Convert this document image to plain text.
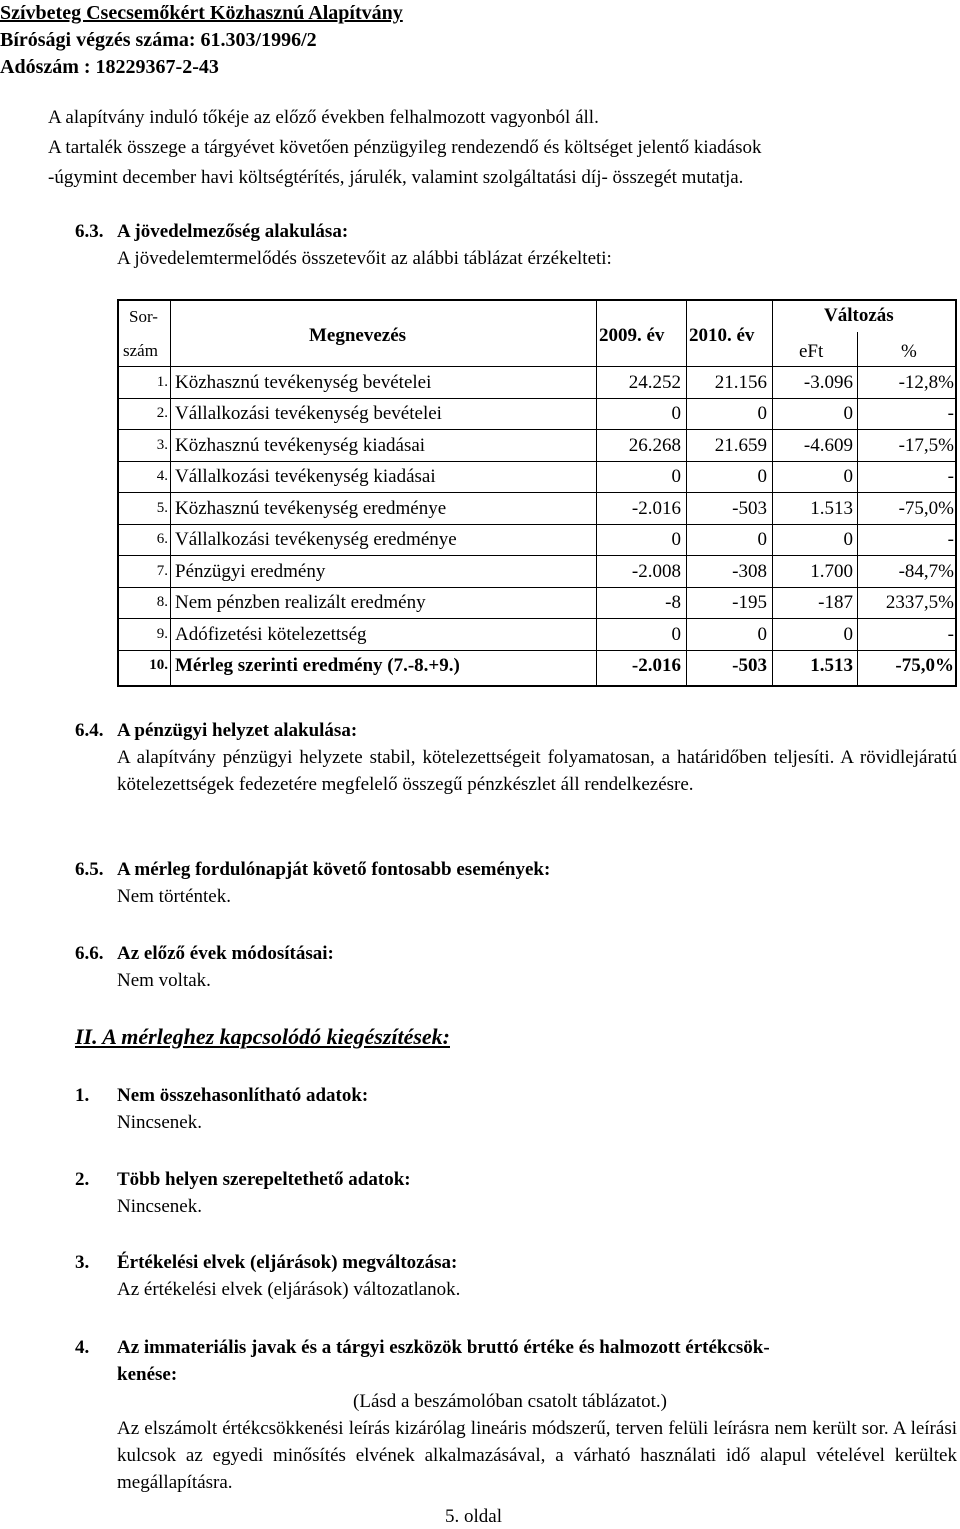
Szívbeteg Csecsemőkért Közhasznú Alapítvány
Bírósági végzés száma: 61.303/1996/2
Adószám : 18229367-2-43
A alapítvány induló tőkéje az előző években felhalmozott vagyonból áll.
A tartalék összege a tárgyévet követően pénzügyileg rendezendő és költséget jelentő kiadások
-úgymint december havi költségtérítés, járulék, valamint szolgáltatási díj- összegét mutatja.
6.3. A jövedelmezőség alakulása:
A jövedelemtermelődés összetevőit az alábbi táblázat érzékelteti:
Sor-
szám
Megnevezés	2009. év 2010. év
Változás
eFt	%
1. Közhasznú tevékenység bevételei	24.252	21.156	-3.096	-12,8%
2. Vállalkozási tevékenység bevételei	0	0	0	-
3. Közhasznú tevékenység kiadásai	26.268	21.659	-4.609	-17,5%
4. Vállalkozási tevékenység kiadásai	0	0	0	-
5. Közhasznú tevékenység eredménye	-2.016	-503	1.513	-75,0%
6. Vállalkozási tevékenység eredménye	0	0	0	-
7. Pénzügyi eredmény	-2.008	-308	1.700	-84,7%
8. Nem pénzben realizált eredmény	-8	-195	-187	2337,5%
9. Adófizetési kötelezettség	0	0	0	-
10. Mérleg szerinti eredmény (7.-8.+9.)	-2.016	-503	1.513	-75,0%
6.4. A pénzügyi helyzet alakulása:
A alapítvány pénzügyi helyzete stabil, kötelezettségeit folyamatosan, a határidőben teljesíti. A rövidlejáratú kötelezettségek fedezetére megfelelő összegű pénzkészlet áll rendelkezésre.
6.5. A mérleg fordulónapját követő fontosabb események:
Nem történtek.
6.6. Az előző évek módosításai:
Nem voltak.
II. A mérleghez kapcsolódó kiegészítések:
1. Nem összehasonlítható adatok:
Nincsenek.
2. Több helyen szerepeltethető adatok:
Nincsenek.
3. Értékelési elvek (eljárások) megváltozása:
Az értékelési elvek (eljárások) változatlanok.
4. Az immateriális javak és a tárgyi eszközök bruttó értéke és halmozott értékcsök-
kenése:
(Lásd a beszámolóban csatolt táblázatot.)
Az elszámolt értékcsökkenési leírás kizárólag lineáris módszerű, terven felüli leírásra nem került sor. A leírási kulcsok az egyedi minősítés elvének alkalmazásával, a várható használati idő alapul vételével kerültek megállapításra.
5. oldal
